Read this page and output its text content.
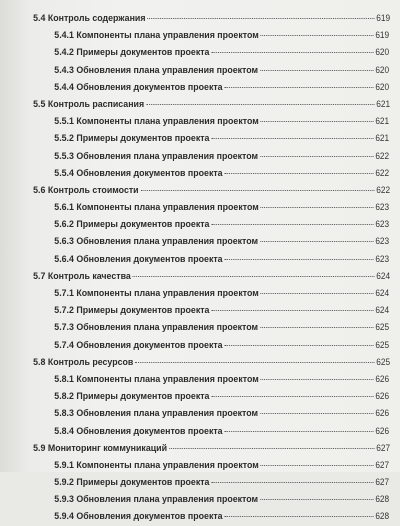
5.4 Контроль содержания	619
5.4.1 Компоненты плана управления проектом	619
5.4.2 Примеры документов проекта	620
5.4.3 Обновления плана управления проектом	620
5.4.4 Обновления документов проекта	620
5.5 Контроль расписания	621
5.5.1 Компоненты плана управления проектом	621
5.5.2 Примеры документов проекта	621
5.5.3 Обновления плана управления проектом	622
5.5.4 Обновления документов проекта	622
5.6 Контроль стоимости	622
5.6.1 Компоненты плана управления проектом	623
5.6.2 Примеры документов проекта	623
5.6.3 Обновления плана управления проектом	623
5.6.4 Обновления документов проекта	623
5.7 Контроль качества	624
5.7.1 Компоненты плана управления проектом	624
5.7.2 Примеры документов проекта	624
5.7.3 Обновления плана управления проектом	625
5.7.4 Обновления документов проекта	625
5.8 Контроль ресурсов	625
5.8.1 Компоненты плана управления проектом	626
5.8.2 Примеры документов проекта	626
5.8.3 Обновления плана управления проектом	626
5.8.4 Обновления документов проекта	626
5.9 Мониторинг коммуникаций	627
5.9.1 Компоненты плана управления проектом	627
5.9.2 Примеры документов проекта	627
5.9.3 Обновления плана управления проектом	628
5.9.4 Обновления документов проекта	628
